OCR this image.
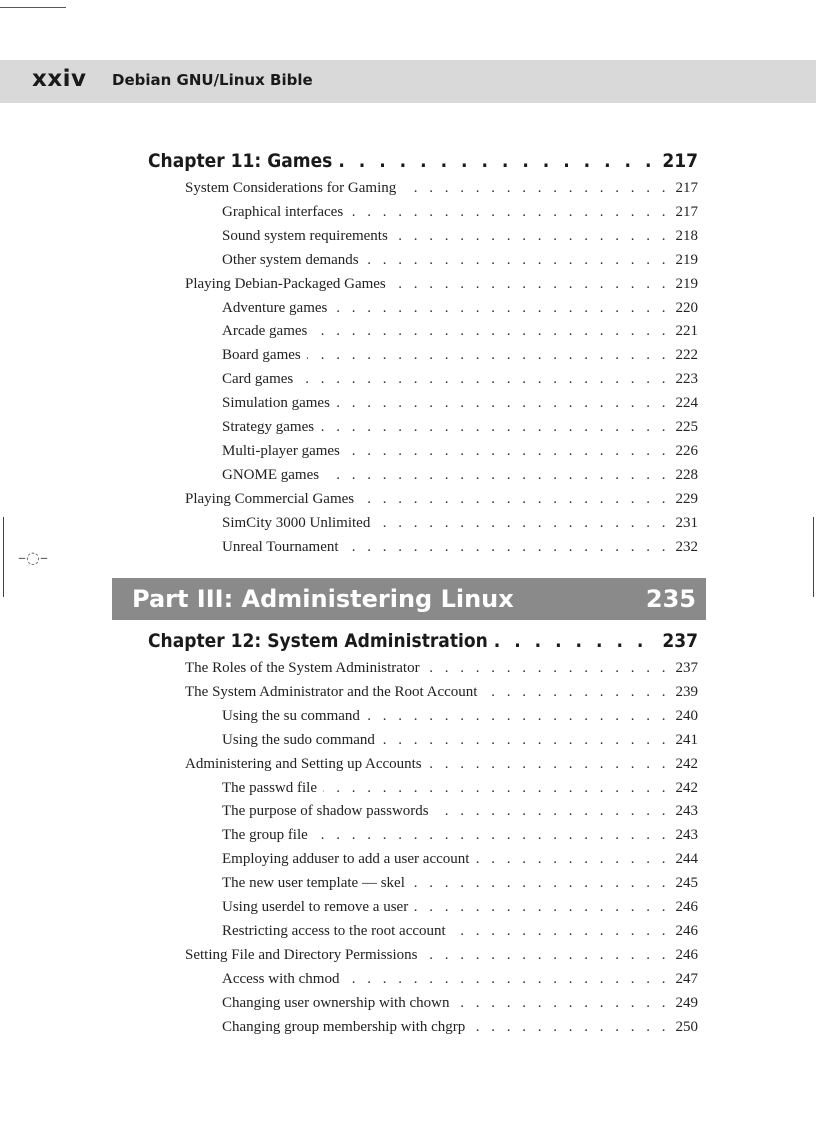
xxiv Debian GNU/Linux Bible
–◌–
Chapter 11: Games . . .	217
System Considerations for Gaming . . .	217
Graphical interfaces . . .	217
Sound system requirements . . .	218
Other system demands . . .	219
Playing Debian-Packaged Games . . .	219
Adventure games . . .	220
Arcade games . . .	221
Board games . . .	222
Card games . . .	223
Simulation games . . .	224
Strategy games . . .	225
Multi-player games . . .	226
GNOME games . . .	228
Playing Commercial Games . . .	229
SimCity 3000 Unlimited . . .	231
Unreal Tournament . . .	232
Part III: Administering Linux	235
Chapter 12: System Administration . . .	237
The Roles of the System Administrator . . .	237
The System Administrator and the Root Account . . .	239
Using the su command . . .	240
Using the sudo command . . .	241
Administering and Setting up Accounts . . .	242
The passwd file . . .	242
The purpose of shadow passwords . . .	243
The group file . . .	243
Employing adduser to add a user account . . .	244
The new user template — skel . . .	245
Using userdel to remove a user . . .	246
Restricting access to the root account . . .	246
Setting File and Directory Permissions . . .	246
Access with chmod . . .	247
Changing user ownership with chown . . .	249
Changing group membership with chgrp . . .	250
